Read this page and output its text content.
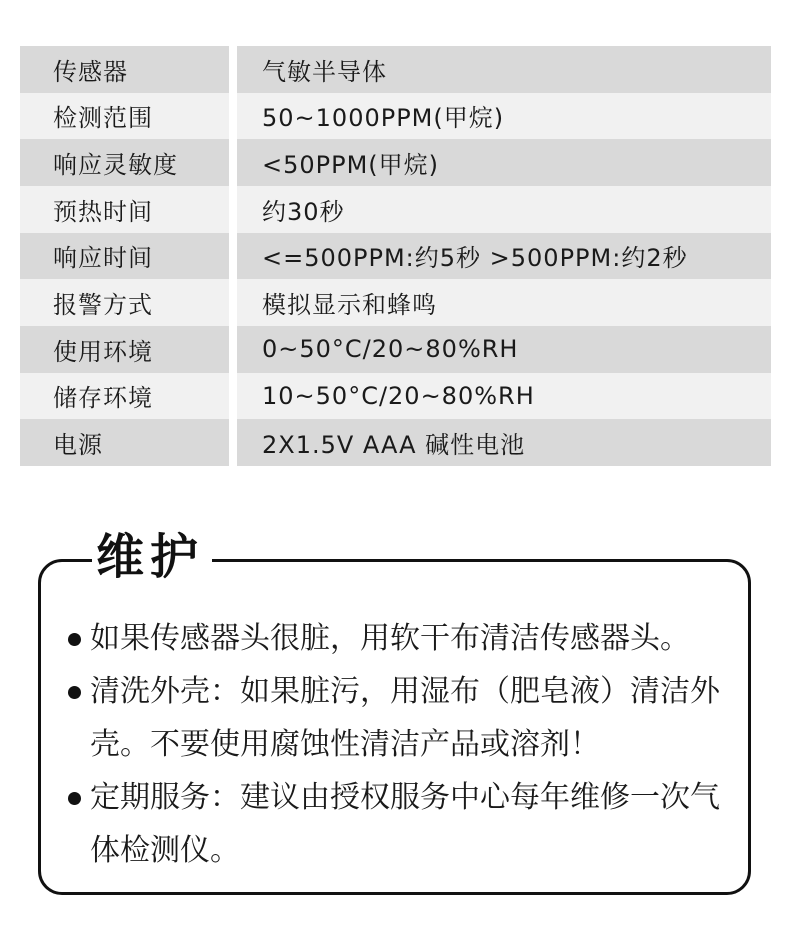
传感器	气敏半导体
检测范围	50~1000PPM(甲烷)
响应灵敏度	<50PPM(甲烷)
预热时间	约30秒
响应时间	<=500PPM:约5秒 >500PPM:约2秒
报警方式	模拟显示和蜂鸣
使用环境	0~50°C/20~80%RH
储存环境	10~50°C/20~80%RH
电源	2X1.5V AAA 碱性电池
维护
如果传感器头很脏，用软干布清洁传感器头。
清洗外壳：如果脏污，用湿布（肥皂液）清洁外壳。不要使用腐蚀性清洁产品或溶剂！
定期服务：建议由授权服务中心每年维修一次气体检测仪。
